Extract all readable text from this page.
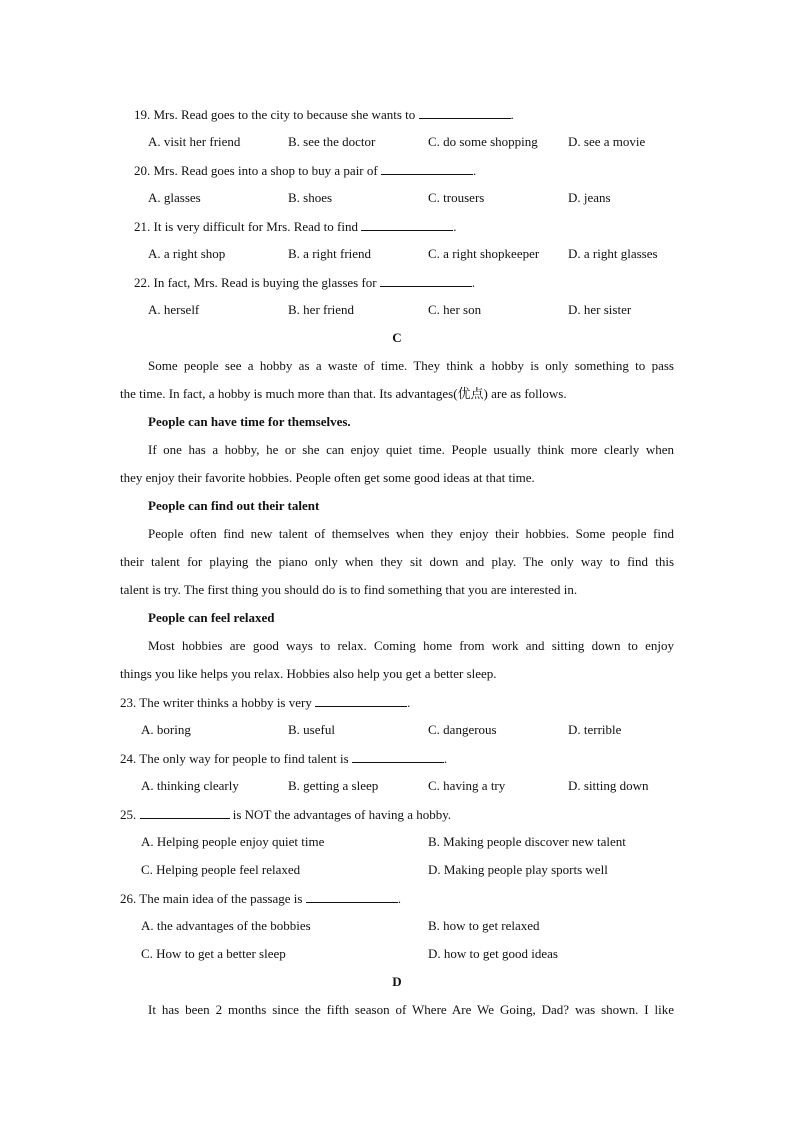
19. Mrs. Read goes to the city to because she wants to	.
A. visit her friend	B. see the doctor	C. do some shopping D. see a movie
20. Mrs. Read goes into a shop to buy a pair of	.
A. glasses	B. shoes	C. trousers	D. jeans
21. It is very difficult for Mrs. Read to find	.
A. a right shop	B. a right friend	C. a right shopkeeper D. a right glasses
22. In fact, Mrs. Read is buying the glasses for	.
A. herself	B. her friend	C. her son	D. her sister
C
Some people see a hobby as a waste of time. They think a hobby is only something to pass
the time. In fact, a hobby is much more than that. Its advantages(优点) are as follows.
People can have time for themselves.
If one has a hobby, he or she can enjoy quiet time. People usually think more clearly when
they enjoy their favorite hobbies. People often get some good ideas at that time.
People can find out their talent
People often find new talent of themselves when they enjoy their hobbies. Some people find
their talent for playing the piano only when they sit down and play. The only way to find this
talent is try. The first thing you should do is to find something that you are interested in.
People can feel relaxed
Most hobbies are good ways to relax. Coming home from work and sitting down to enjoy
things you like helps you relax. Hobbies also help you get a better sleep.
23. The writer thinks a hobby is very	.
A. boring	B. useful	C. dangerous	D. terrible
24. The only way for people to find talent is	.
A. thinking clearly	B. getting a sleep	C. having a try	D. sitting down
25.	is NOT the advantages of having a hobby.
A. Helping people enjoy quiet time	B. Making people discover new talent
C. Helping people feel relaxed	D. Making people play sports well
26. The main idea of the passage is	.
A. the advantages of the bobbies	B. how to get relaxed
C. How to get a better sleep	D. how to get good ideas
D
It has been 2 months since the fifth season of Where Are We Going, Dad? was shown. I like
